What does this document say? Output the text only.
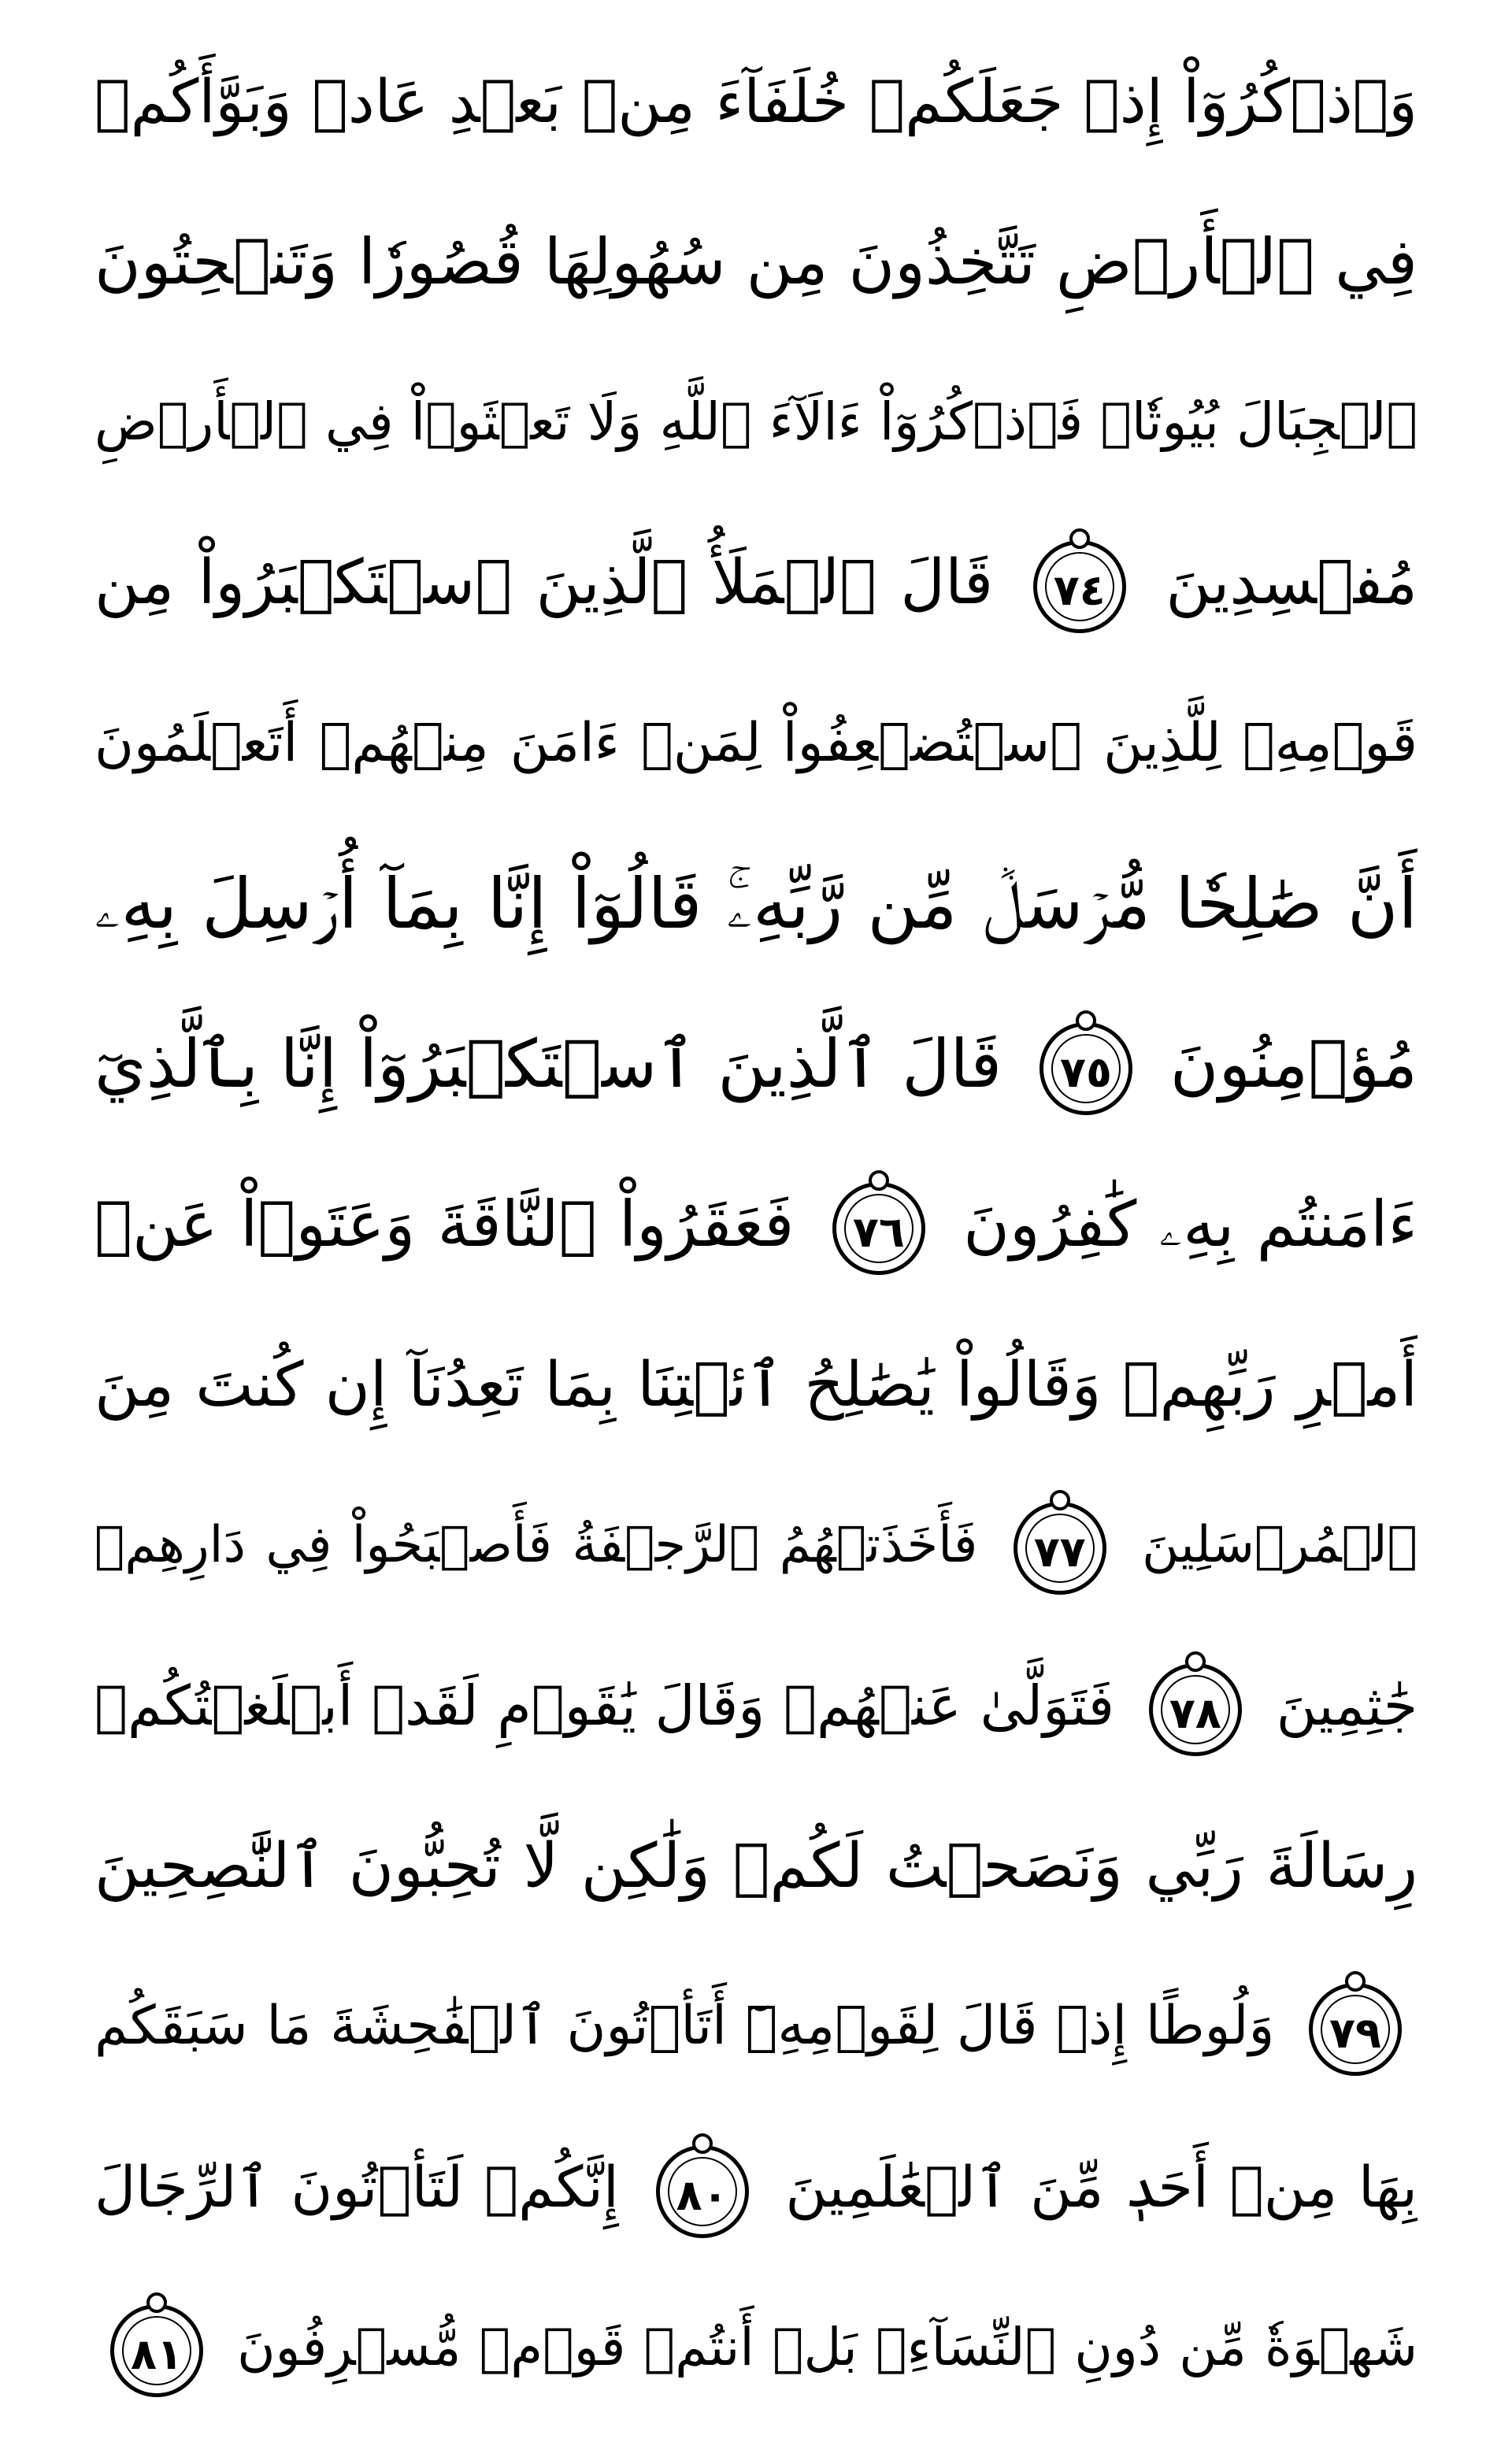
وَٱذۡكُرُوٓاْ إِذۡ جَعَلَكُمۡ خُلَفَآءَ مِنۢ بَعۡدِ عَادٖ وَبَوَّأَكُمۡ
فِي ٱلۡأَرۡضِ تَتَّخِذُونَ مِن سُهُولِهَا قُصُورٗا وَتَنۡحِتُونَ
ٱلۡجِبَالَ بُيُوتٗاۖ فَٱذۡكُرُوٓاْ ءَالَآءَ ٱللَّهِ وَلَا تَعۡثَوۡاْ فِي ٱلۡأَرۡضِ
مُفۡسِدِينَ ٧٤ قَالَ ٱلۡمَلَأُ ٱلَّذِينَ ٱسۡتَكۡبَرُواْ مِن
قَوۡمِهِۦ لِلَّذِينَ ٱسۡتُضۡعِفُواْ لِمَنۡ ءَامَنَ مِنۡهُمۡ أَتَعۡلَمُونَ
أَنَّ صَٰلِحٗا مُّرۡسَلٞ مِّن رَّبِّهِۦۚ قَالُوٓاْ إِنَّا بِمَآ أُرۡسِلَ بِهِۦ
مُؤۡمِنُونَ ٧٥ قَالَ ٱلَّذِينَ ٱسۡتَكۡبَرُوٓاْ إِنَّا بِٱلَّذِيٓ
ءَامَنتُم بِهِۦ كَٰفِرُونَ ٧٦ فَعَقَرُواْ ٱلنَّاقَةَ وَعَتَوۡاْ عَنۡ
أَمۡرِ رَبِّهِمۡ وَقَالُواْ يَٰصَٰلِحُ ٱئۡتِنَا بِمَا تَعِدُنَآ إِن كُنتَ مِنَ
ٱلۡمُرۡسَلِينَ ٧٧ فَأَخَذَتۡهُمُ ٱلرَّجۡفَةُ فَأَصۡبَحُواْ فِي دَارِهِمۡ
جَٰثِمِينَ ٧٨ فَتَوَلَّىٰ عَنۡهُمۡ وَقَالَ يَٰقَوۡمِ لَقَدۡ أَبۡلَغۡتُكُمۡ
رِسَالَةَ رَبِّي وَنَصَحۡتُ لَكُمۡ وَلَٰكِن لَّا تُحِبُّونَ ٱلنَّٰصِحِينَ
٧٩ وَلُوطًا إِذۡ قَالَ لِقَوۡمِهِۦٓ أَتَأۡتُونَ ٱلۡفَٰحِشَةَ مَا سَبَقَكُم
بِهَا مِنۡ أَحَدٖ مِّنَ ٱلۡعَٰلَمِينَ ٨٠ إِنَّكُمۡ لَتَأۡتُونَ ٱلرِّجَالَ
شَهۡوَةٗ مِّن دُونِ ٱلنِّسَآءِۚ بَلۡ أَنتُمۡ قَوۡمٞ مُّسۡرِفُونَ ٨١
